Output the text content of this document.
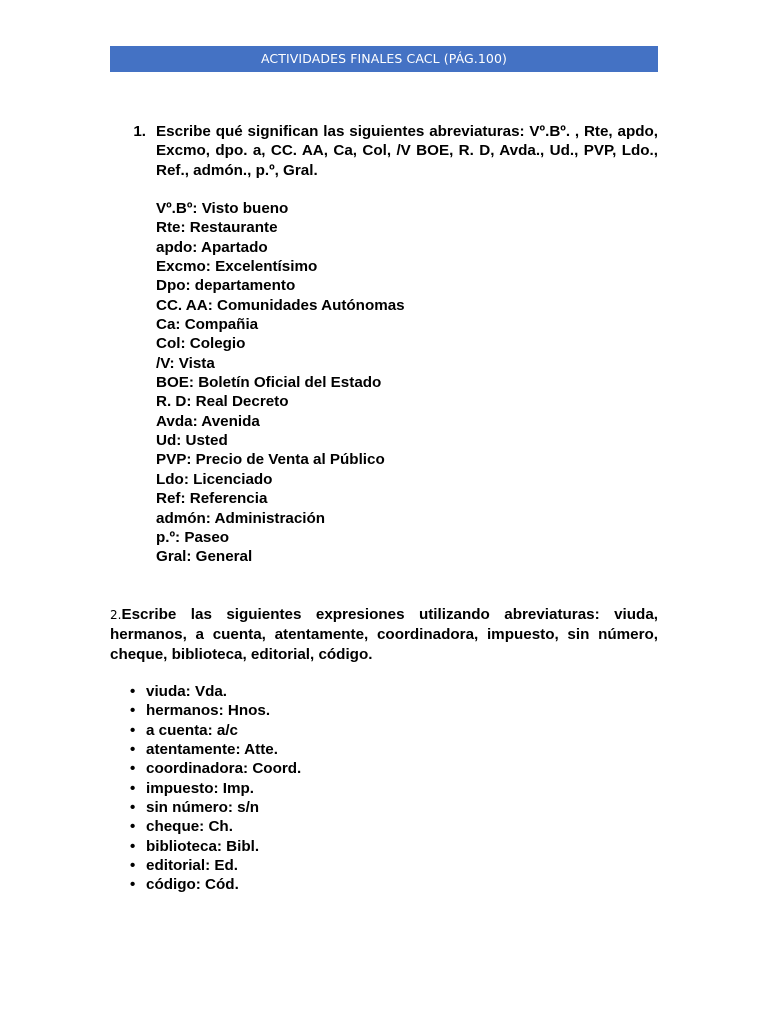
ACTIVIDADES FINALES CACL (PÁG.100)
1. Escribe qué significan las siguientes abreviaturas: Vº.Bº. , Rte, apdo, Excmo, dpo. a, CC. AA, Ca, Col, /V BOE, R. D, Avda., Ud., PVP, Ldo., Ref., admón., p.º, Gral.
Vº.Bº: Visto bueno
Rte: Restaurante
apdo: Apartado
Excmo: Excelentísimo
Dpo: departamento
CC. AA: Comunidades Autónomas
Ca: Compañia
Col: Colegio
/V: Vista
BOE: Boletín Oficial del Estado
R. D: Real Decreto
Avda: Avenida
Ud: Usted
PVP: Precio de Venta al Público
Ldo: Licenciado
Ref: Referencia
admón: Administración
p.º: Paseo
Gral: General
2.Escribe las siguientes expresiones utilizando abreviaturas: viuda, hermanos, a cuenta, atentamente, coordinadora, impuesto, sin número, cheque, biblioteca, editorial, código.
• viuda: Vda.
• hermanos: Hnos.
• a cuenta: a/c
• atentamente: Atte.
• coordinadora: Coord.
• impuesto: Imp.
• sin número: s/n
• cheque: Ch.
• biblioteca: Bibl.
• editorial: Ed.
• código: Cód.
